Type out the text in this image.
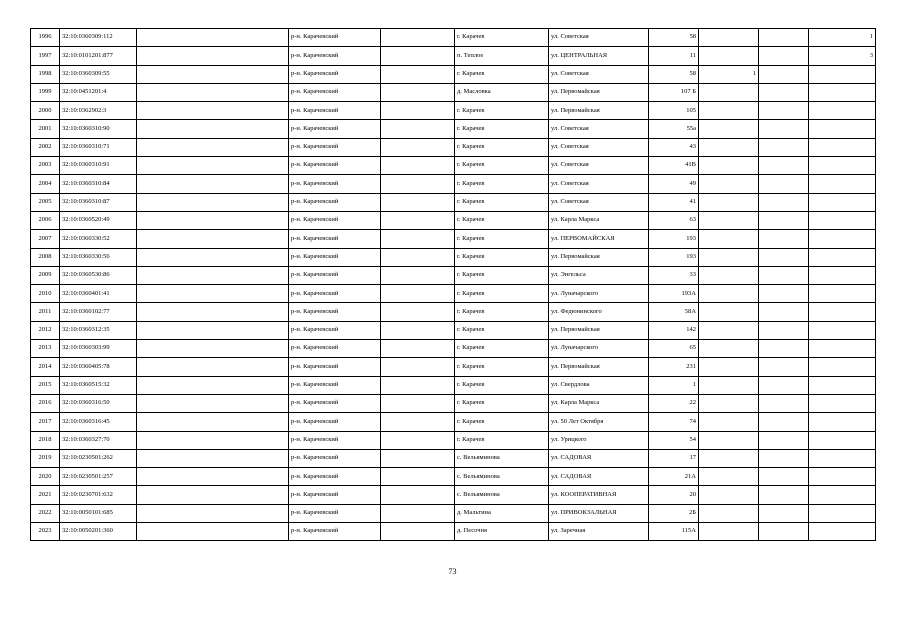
1996	32:10:0360309:112		р-н. Карачевский		г. Карачев	ул. Советская	58			1
1997	32:10:0101201:877		р-н. Карачевский		п. Теплое	ул. ЦЕНТРАЛЬНАЯ	11			3
1998	32:10:0360309:55		р-н. Карачевский		г. Карачев	ул. Советская	58	1		
1999	32:10:0451201:4		р-н. Карачевский		д. Масловка	ул. Первомайская	107 Б			
2000	32:10:0362902:3		р-н. Карачевский		г. Карачев	ул. Первомайская	105			
2001	32:10:0360310:90		р-н. Карачевский		г. Карачев	ул. Советская	55а			
2002	32:10:0360310:71		р-н. Карачевский		г. Карачев	ул. Советская	43			
2003	32:10:0360310:91		р-н. Карачевский		г. Карачев	ул. Советская	41В			
2004	32:10:0360310:84		р-н. Карачевский		г. Карачев	ул. Советская	49			
2005	32:10:0360310:87		р-н. Карачевский		г. Карачев	ул. Советская	41			
2006	32:10:0360520:49		р-н. Карачевский		г. Карачев	ул. Карла Маркса	63			
2007	32:10:0360330:52		р-н. Карачевский		г. Карачев	ул. ПЕРВОМАЙСКАЯ	193			
2008	32:10:0360330:56		р-н. Карачевский		г. Карачев	ул. Первомайская	193			
2009	32:10:0360530:86		р-н. Карачевский		г. Карачев	ул. Энгельса	33			
2010	32:10:0360401:41		р-н. Карачевский		г. Карачев	ул. Луначарского	193А			
2011	32:10:0360102:77		р-н. Карачевский		г. Карачев	ул. Федюнинского	58А			
2012	32:10:0360312:35		р-н. Карачевский		г. Карачев	ул. Первомайская	142			
2013	32:10:0360303:99		р-н. Карачевский		г. Карачев	ул. Луначарского	65			
2014	32:10:0360405:78		р-н. Карачевский		г. Карачев	ул. Первомайская	231			
2015	32:10:0360515:32		р-н. Карачевский		г. Карачев	ул. Свердлова	1			
2016	32:10:0360316:50		р-н. Карачевский		г. Карачев	ул. Карла Маркса	22			
2017	32:10:0360316:45		р-н. Карачевский		г. Карачев	ул. 50 Лет Октября	74			
2018	32:10:0360327:70		р-н. Карачевский		г. Карачев	ул. Урицкого	54			
2019	32:10:0230501:262		р-н. Карачевский		с. Вельяминова	ул. САДОВАЯ	17			
2020	32:10:0230501:257		р-н. Карачевский		с. Вельяминова	ул. САДОВАЯ	21А			
2021	32:10:0230701:632		р-н. Карачевский		с. Вельяминова	ул. КООПЕРАТИВНАЯ	20			
2022	32:10:0050101:685		р-н. Карачевский		д. Мальтина	ул. ПРИВОКЗАЛЬНАЯ	2Б			
2023	32:10:0050201:360		р-н. Карачевский		д. Песочня	ул. Заречная	115А			
73
